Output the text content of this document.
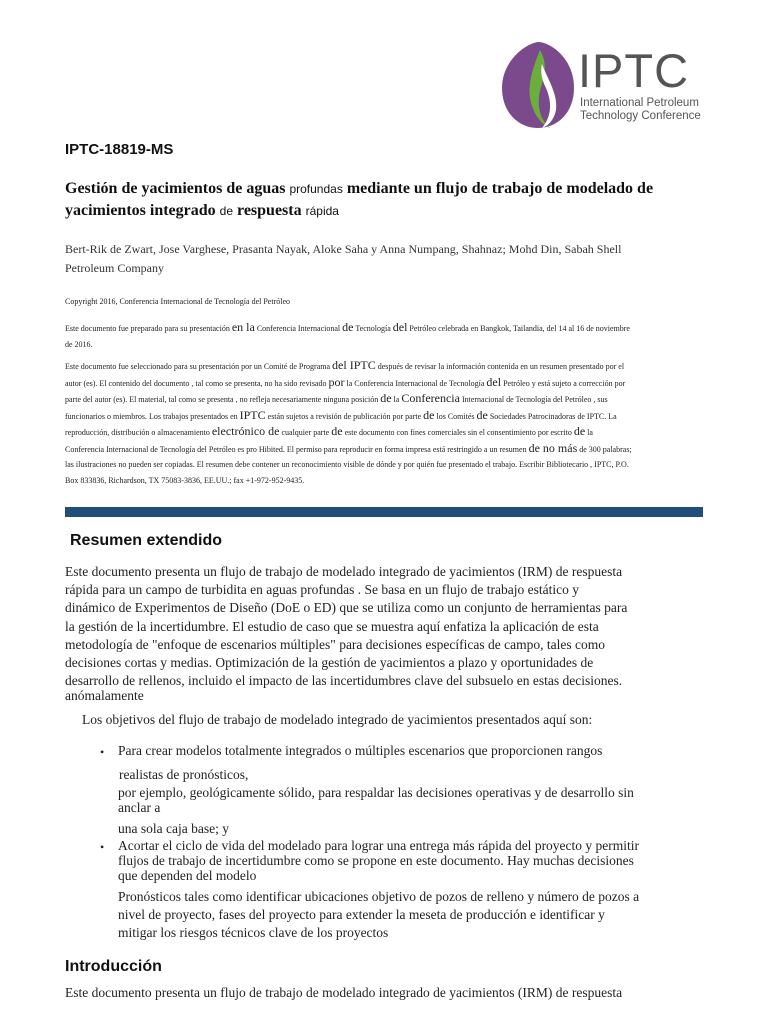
IPTC
International Petroleum
Technology Conference
IPTC-18819-MS
Gestión de yacimientos de aguas profundas mediante un flujo de trabajo de modelado de
yacimientos integrado de respuesta rápida
Bert-Rik de Zwart, Jose Varghese, Prasanta Nayak, Aloke Saha y Anna Numpang, Shahnaz; Mohd Din, Sabah Shell
Petroleum Company
Copyright 2016, Conferencia Internacional de Tecnología del Petróleo
Este documento fue preparado para su presentación en la Conferencia Internacional de Tecnología del Petróleo celebrada en Bangkok, Tailandia, del 14 al 16 de noviembre
de 2016.
Este documento fue seleccionado para su presentación por un Comité de Programa del IPTC después de revisar la información contenida en un resumen presentado por el
autor (es). El contenido del documento , tal como se presenta, no ha sido revisado por la Conferencia Internacional de Tecnología del Petróleo y está sujeto a corrección por
parte del autor (es). El material, tal como se presenta , no refleja necesariamente ninguna posición de la Conferencia Internacional de Tecnología del Petróleo , sus
funcionarios o miembros. Los trabajos presentados en IPTC están sujetos a revisión de publicación por parte de los Comités de Sociedades Patrocinadoras de IPTC. La
reproducción, distribución o almacenamiento electrónico de cualquier parte de este documento con fines comerciales sin el consentimiento por escrito de la
Conferencia Internacional de Tecnología del Petróleo es pro Hibited. El permiso para reproducir en forma impresa está restringido a un resumen de no más de 300 palabras;
las ilustraciones no pueden ser copiadas. El resumen debe contener un reconocimiento visible de dónde y por quién fue presentado el trabajo. Escribir Bibliotecario , IPTC, P.O.
Box 833836, Richardson, TX 75083-3836, EE.UU.; fax +1-972-952-9435.
Resumen extendido
Este documento presenta un flujo de trabajo de modelado integrado de yacimientos (IRM) de respuesta
rápida para un campo de turbidita en aguas profundas . Se basa en un flujo de trabajo estático y
dinámico de Experimentos de Diseño (DoE o ED) que se utiliza como un conjunto de herramientas para
la gestión de la incertidumbre. El estudio de caso que se muestra aquí enfatiza la aplicación de esta
metodología de "enfoque de escenarios múltiples" para decisiones específicas de campo, tales como
decisiones cortas y medias. Optimización de la gestión de yacimientos a plazo y oportunidades de
desarrollo de rellenos, incluido el impacto de las incertidumbres clave del subsuelo en estas decisiones.
anómalamente
Los objetivos del flujo de trabajo de modelado integrado de yacimientos presentados aquí son:
• Para crear modelos totalmente integrados o múltiples escenarios que proporcionen rangos
realistas de pronósticos,
por ejemplo, geológicamente sólido, para respaldar las decisiones operativas y de desarrollo sin
anclar a
una sola caja base; y
• Acortar el ciclo de vida del modelado para lograr una entrega más rápida del proyecto y permitir
flujos de trabajo de incertidumbre como se propone en este documento. Hay muchas decisiones
que dependen del modelo
Pronósticos tales como identificar ubicaciones objetivo de pozos de relleno y número de pozos a
nivel de proyecto, fases del proyecto para extender la meseta de producción e identificar y
mitigar los riesgos técnicos clave de los proyectos
Introducción
Este documento presenta un flujo de trabajo de modelado integrado de yacimientos (IRM) de respuesta
